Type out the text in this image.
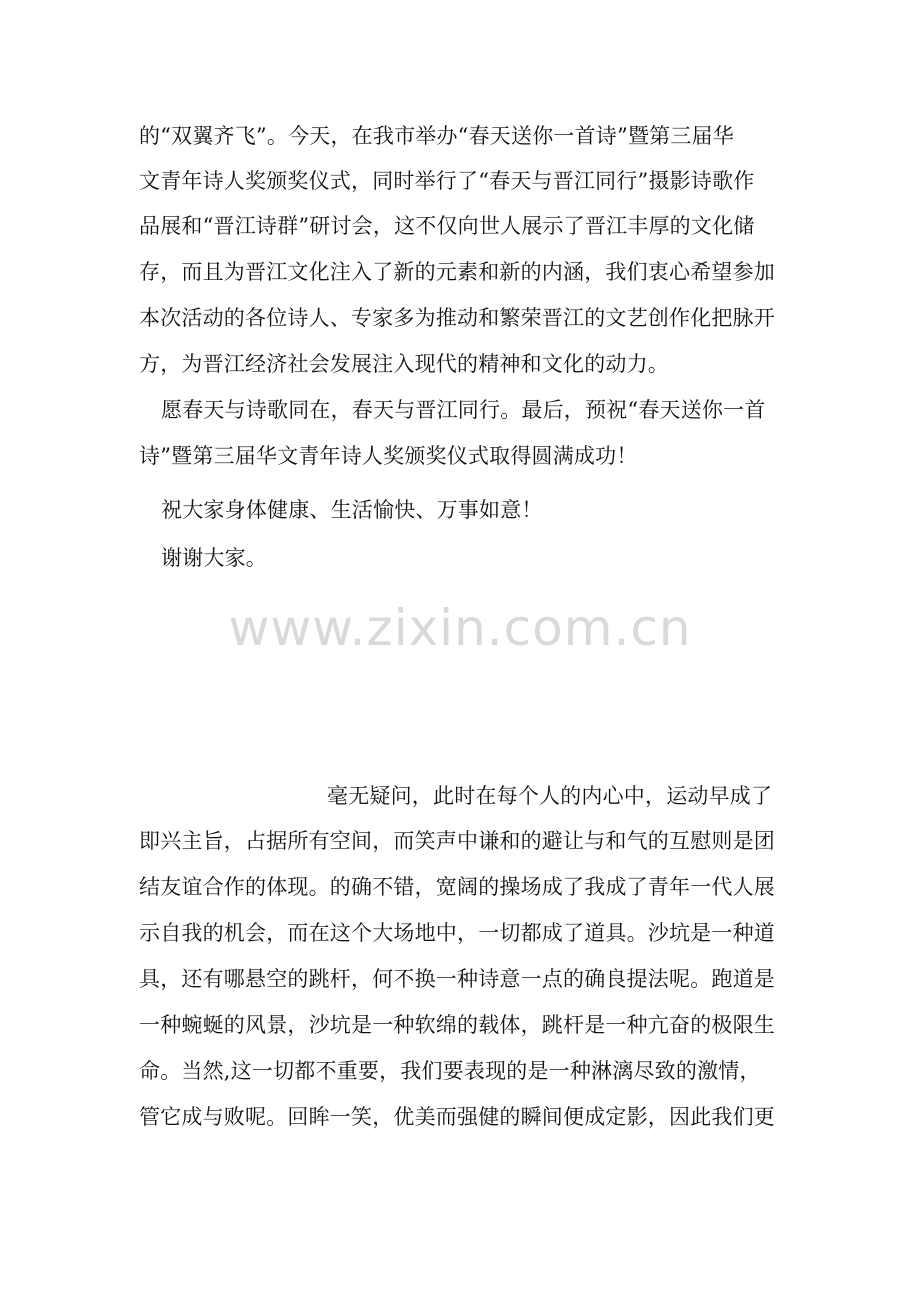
的“双翼齐飞”。今天，在我市举办“春天送你一首诗”暨第三届华
文青年诗人奖颁奖仪式，同时举行了“春天与晋江同行”摄影诗歌作
品展和“晋江诗群”研讨会，这不仅向世人展示了晋江丰厚的文化储
存，而且为晋江文化注入了新的元素和新的内涵，我们衷心希望参加
本次活动的各位诗人、专家多为推动和繁荣晋江的文艺创作化把脉开
方，为晋江经济社会发展注入现代的精神和文化的动力。
愿春天与诗歌同在，春天与晋江同行。最后，预祝“春天送你一首
诗”暨第三届华文青年诗人奖颁奖仪式取得圆满成功！
祝大家身体健康、生活愉快、万事如意！
谢谢大家。
www.zixin.com.cn
毫无疑问，此时在每个人的内心中，运动早成了
即兴主旨，占据所有空间，而笑声中谦和的避让与和气的互慰则是团
结友谊合作的体现。的确不错，宽阔的操场成了我成了青年一代人展
示自我的机会，而在这个大场地中，一切都成了道具。沙坑是一种道
具，还有哪悬空的跳杆，何不换一种诗意一点的确良提法呢。跑道是
一种蜿蜒的风景，沙坑是一种软绵的载体，跳杆是一种亢奋的极限生
命。当然,这一切都不重要，我们要表现的是一种淋漓尽致的激情，
管它成与败呢。回眸一笑，优美而强健的瞬间便成定影，因此我们更
